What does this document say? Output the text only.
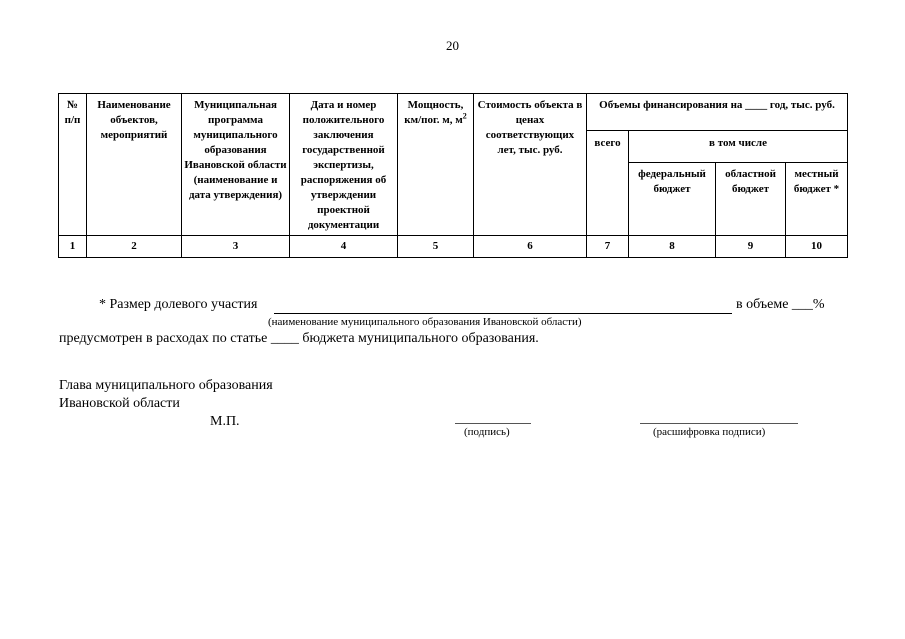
20
№ п/п	Наименование объектов, мероприятий	Муниципальная программа муниципального образования Ивановской области (наименование и дата утверждения)	Дата и номер положительного заключения государственной экспертизы, распоряжения об утверждении проектной документации	Мощность, км/пог. м, $м^2$	Стоимость объекта в ценах соответствующих лет, тыс. руб.	Объемы финансирования на ____ год, тыс. руб.			
						всего	в том числе		
							федеральный бюджет	областной бюджет	местный бюджет *
1	2	3	4	5	6	7	8	9	10
* Размер долевого участия	в объеме ___%
(наименование муниципального образования Ивановской области)
предусмотрен в расходах по статье ____ бюджета муниципального образования.
Глава муниципального образования
Ивановской области
М.П.
(подпись)	(расшифровка подписи)
